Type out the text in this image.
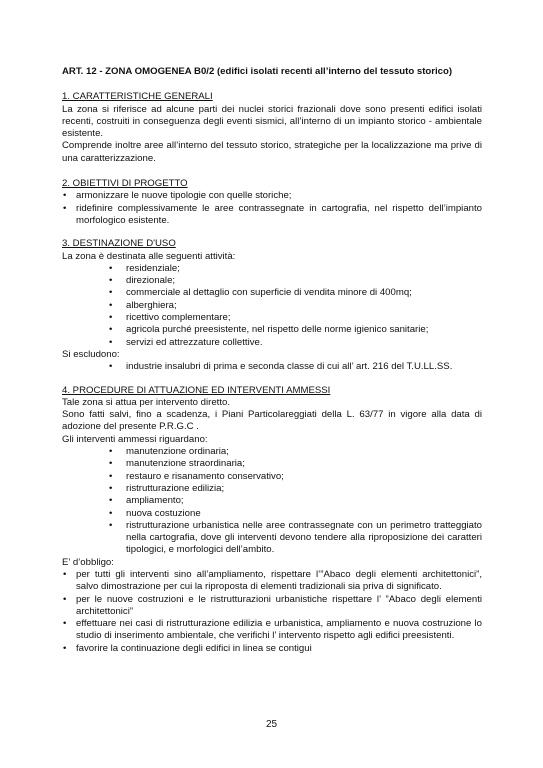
ART. 12 - ZONA OMOGENEA B0/2 (edifici isolati recenti all’interno del tessuto storico)

1. CARATTERISTICHE GENERALI

La zona si riferisce ad alcune parti dei nuclei storici frazionali dove sono presenti edifici isolati recenti, costruiti in conseguenza degli eventi sismici, all’interno di un impianto storico - ambientale esistente.

Comprende inoltre aree all’interno del tessuto storico, strategiche per la localizzazione ma prive di una caratterizzazione.

2. OBIETTIVI DI PROGETTO

• armonizzare le nuove tipologie con quelle storiche;
• ridefinire complessivamente le aree contrassegnate in cartografia, nel rispetto dell’impianto morfologico esistente.

3. DESTINAZIONE D'USO

La zona è destinata alle seguenti attività:

• residenziale;
• direzionale;
• commerciale al dettaglio con superficie di vendita minore di 400mq;
• alberghiera;
• ricettivo complementare;
• agricola purché preesistente, nel rispetto delle norme igienico sanitarie;
• servizi ed attrezzature collettive.

Si escludono:

• industrie insalubri di prima e seconda classe di cui all’ art. 216 del T.U.LL.SS.

4. PROCEDURE DI ATTUAZIONE ED INTERVENTI AMMESSI

Tale zona si attua per intervento diretto.

Sono fatti salvi, fino a scadenza, i Piani Particolareggiati della L. 63/77 in vigore alla data di adozione del presente P.R.G.C .

Gli interventi ammessi riguardano:

• manutenzione ordinaria;
• manutenzione straordinaria;
• restauro e risanamento conservativo;
• ristrutturazione edilizia;
• ampliamento;
• nuova costuzione
• ristrutturazione urbanistica nelle aree contrassegnate con un perimetro tratteggiato nella cartografia, dove gli interventi devono tendere alla riproposizione dei caratteri tipologici, e morfologici dell’ambito.

E’ d’obbligo:

• per tutti gli interventi sino all’ampliamento, rispettare l’”Abaco degli elementi architettonici”, salvo dimostrazione per cui la riproposta di elementi tradizionali sia priva di significato.
• per le nuove costruzioni e le ristrutturazioni urbanistiche rispettare l’ ”Abaco degli elementi architettonici”
• effettuare nei casi di ristrutturazione edilizia e urbanistica, ampliamento e nuova costruzione lo studio di inserimento ambientale, che verifichi l’ intervento rispetto agli edifici preesistenti.
• favorire la continuazione degli edifici in linea se contigui
25
